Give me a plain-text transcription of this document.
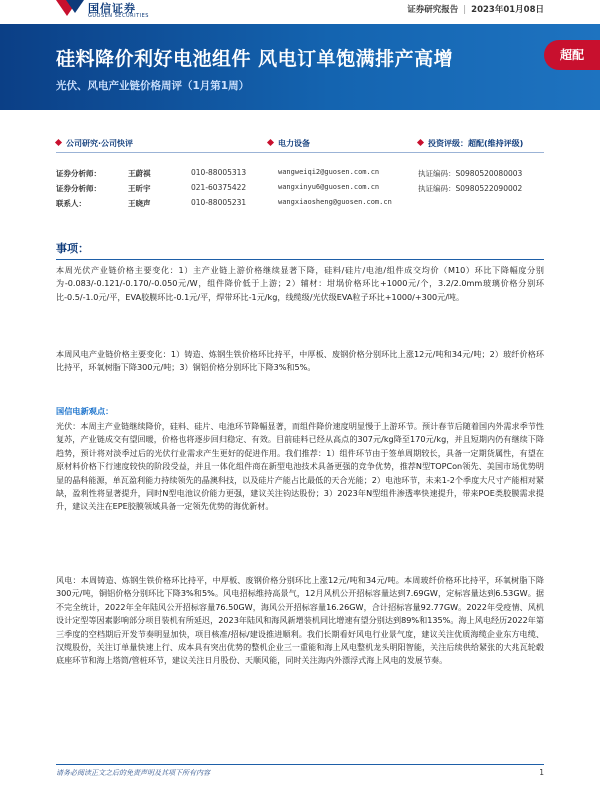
国信证券
GUOSEN SECURITIES
证券研究报告 | 2023年01月08日
硅料降价利好电池组件 风电订单饱满排产高增
光伏、风电产业链价格周评（1月第1周）
超配
公司研究·公司快评	电力设备	投资评级：超配(维持评级)
证券分析师：	王蔚祺	010-88005313	wangweiqi2@guosen.com.cn	执证编码：S0980520080003
证券分析师：	王昕宇	021-60375422	wangxinyu6@guosen.com.cn	执证编码：S0980522090002
联系人：	王晓声	010-88005231	wangxiaosheng@guosen.com.cn
事项：
本周光伏产业链价格主要变化：1）主产业链上游价格继续显著下降，硅料/硅片/电池/组件成交均价（M10）环比下降幅度分别为-0.083/-0.121/-0.170/-0.050元/W，组件降价低于上游；2）辅材：坩埚价格环比+1000元/个，3.2/2.0mm玻璃价格分别环比-0.5/-1.0元/平，EVA胶膜环比-0.1元/平，焊带环比-1元/kg，线缆级/光伏级EVA粒子环比+1000/+300元/吨。
本周风电产业链价格主要变化：1）铸造、炼钢生铁价格环比持平，中厚板、废钢价格分别环比上涨12元/吨和34元/吨；2）玻纤价格环比持平，环氧树脂下降300元/吨；3）铜铝价格分别环比下降3%和5%。
国信电新观点：
光伏：本周主产业链继续降价，硅料、硅片、电池环节降幅显著，而组件降价速度明显慢于上游环节。预计春节后随着国内外需求季节性复苏，产业链成交有望回暖，价格也将逐步回归稳定、有效。目前硅料已经从高点的307元/kg降至170元/kg，并且短期内仍有继续下降趋势，预计将对淡季过后的光伏行业需求产生更好的促进作用。我们推荐：1）组件环节由于签单周期较长，具备一定期货属性，有望在原材料价格下行速度较快的阶段受益，并且一体化组件商在新型电池技术具备更强的竞争优势，推荐N型TOPCon领先、美国市场优势明显的晶科能源，单瓦盈利能力持续领先的晶澳科技，以及硅片产能占比最低的天合光能；2）电池环节，未来1-2个季度大尺寸产能相对紧缺，盈利性将显著提升，同时N型电池议价能力更强，建议关注钧达股份；3）2023年N型组件渗透率快速提升，带来POE类胶膜需求提升，建议关注在EPE胶膜领域具备一定领先优势的海优新材。
风电：本周铸造、炼钢生铁价格环比持平，中厚板、废钢价格分别环比上涨12元/吨和34元/吨。本周玻纤价格环比持平，环氧树脂下降300元/吨，铜铝价格分别环比下降3%和5%。风电招标维持高景气，12月风机公开招标容量达到7.69GW，定标容量达到6.53GW。据不完全统计，2022年全年陆风公开招标容量76.50GW，海风公开招标容量16.26GW，合计招标容量92.77GW。2022年受疫情、风机设计定型等因素影响部分项目装机有所延迟，2023年陆风和海风新增装机同比增速有望分别达到89%和135%。海上风电经历2022年第三季度的空档期后开发节奏明显加快，项目核准/招标/建设推进顺利。我们长期看好风电行业景气度，建议关注优质海缆企业东方电缆、汉缆股份，关注订单量快速上行、成本具有突出优势的整机企业三一重能和海上风电整机龙头明阳智能，关注后续供给紧张的大兆瓦轮毂底座环节和海上塔筒/管桩环节，建议关注日月股份、天顺风能，同时关注海内外漂浮式海上风电的发展节奏。
请务必阅读正文之后的免责声明及其项下所有内容	1
